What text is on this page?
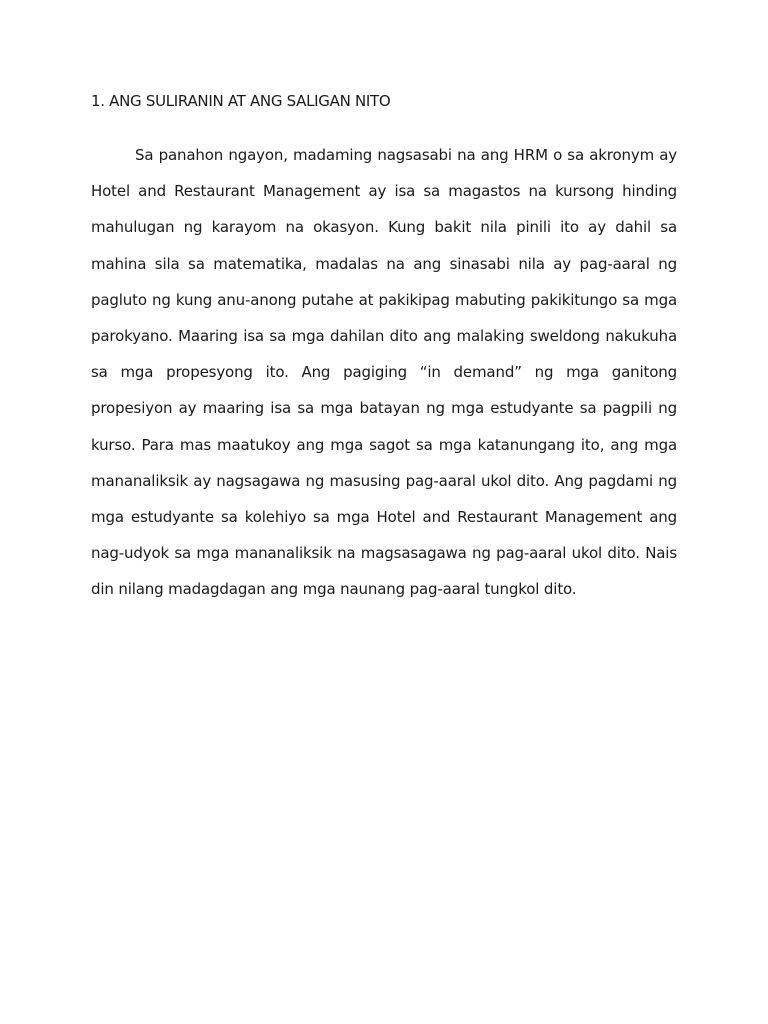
1. ANG SULIRANIN AT ANG SALIGAN NITO

Sa panahon ngayon, madaming nagsasabi na ang HRM o sa akronym ay Hotel and Restaurant Management ay isa sa magastos na kursong hinding mahulugan ng karayom na okasyon. Kung bakit nila pinili ito ay dahil sa mahina sila sa matematika, madalas na ang sinasabi nila ay pag-aaral ng pagluto ng kung anu-anong putahe at pakikipag mabuting pakikitungo sa mga parokyano. Maaring isa sa mga dahilan dito ang malaking sweldong nakukuha sa mga propesyong ito. Ang pagiging “in demand” ng mga ganitong propesiyon ay maaring isa sa mga batayan ng mga estudyante sa pagpili ng kurso. Para mas maatukoy ang mga sagot sa mga katanungang ito, ang mga mananaliksik ay nagsagawa ng masusing pag-aaral ukol dito. Ang pagdami ng mga estudyante sa kolehiyo sa mga Hotel and Restaurant Management ang nag-udyok sa mga mananaliksik na magsasagawa ng pag-aaral ukol dito. Nais din nilang madagdagan ang mga naunang pag-aaral tungkol dito.
